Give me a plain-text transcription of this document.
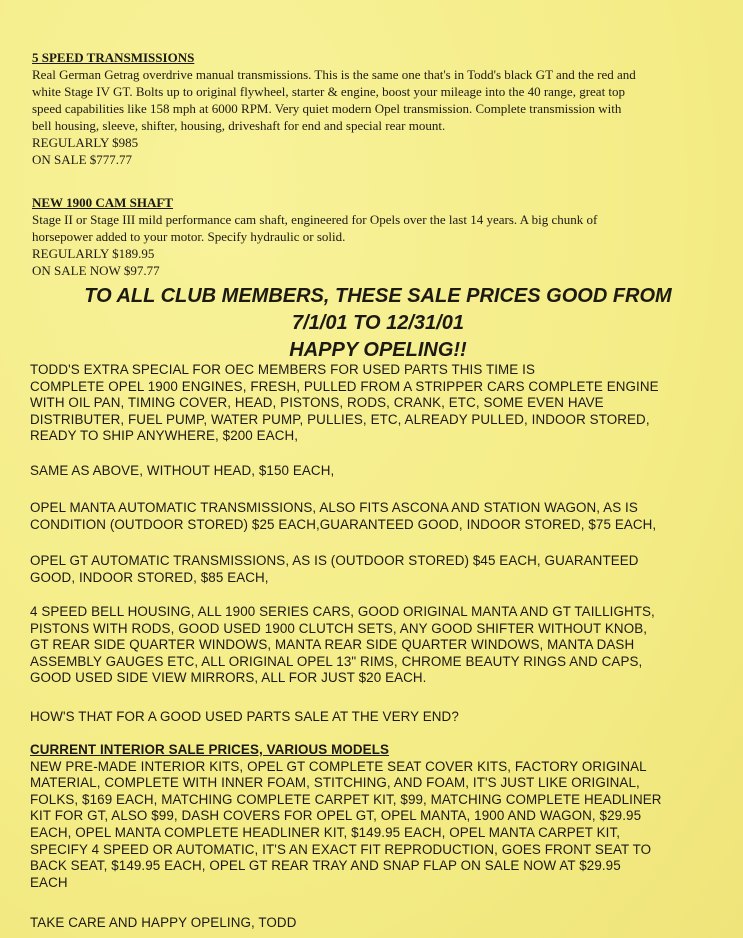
5 SPEED TRANSMISSIONS

Real German Getrag overdrive manual transmissions. This is the same one that's in Todd's black GT and the red and

white Stage IV GT. Bolts up to original flywheel, starter & engine, boost your mileage into the 40 range, great top

speed capabilities like 158 mph at 6000 RPM. Very quiet modern Opel transmission. Complete transmission with

bell housing, sleeve, shifter, housing, driveshaft for end and special rear mount.

REGULARLY $985

ON SALE $777.77

NEW 1900 CAM SHAFT

Stage II or Stage III mild performance cam shaft, engineered for Opels over the last 14 years. A big chunk of

horsepower added to your motor. Specify hydraulic or solid.

REGULARLY $189.95

ON SALE NOW $97.77

TO ALL CLUB MEMBERS, THESE SALE PRICES GOOD FROM
7/1/01 TO 12/31/01
HAPPY OPELING!!

TODD'S EXTRA SPECIAL FOR OEC MEMBERS FOR USED PARTS THIS TIME IS

COMPLETE OPEL 1900 ENGINES, FRESH, PULLED FROM A STRIPPER CARS COMPLETE ENGINE

WITH OIL PAN, TIMING COVER, HEAD, PISTONS, RODS, CRANK, ETC, SOME EVEN HAVE

DISTRIBUTER, FUEL PUMP, WATER PUMP, PULLIES, ETC, ALREADY PULLED, INDOOR STORED,

READY TO SHIP ANYWHERE, $200 EACH,

SAME AS ABOVE, WITHOUT HEAD, $150 EACH,

OPEL MANTA AUTOMATIC TRANSMISSIONS, ALSO FITS ASCONA AND STATION WAGON, AS IS

CONDITION (OUTDOOR STORED) $25 EACH,GUARANTEED GOOD, INDOOR STORED, $75 EACH,

OPEL GT AUTOMATIC TRANSMISSIONS, AS IS (OUTDOOR STORED) $45 EACH, GUARANTEED

GOOD, INDOOR STORED, $85 EACH,

4 SPEED BELL HOUSING, ALL 1900 SERIES CARS, GOOD ORIGINAL MANTA AND GT TAILLIGHTS,

PISTONS WITH RODS, GOOD USED 1900 CLUTCH SETS, ANY GOOD SHIFTER WITHOUT KNOB,

GT REAR SIDE QUARTER WINDOWS, MANTA REAR SIDE QUARTER WINDOWS, MANTA DASH

ASSEMBLY GAUGES ETC, ALL ORIGINAL OPEL 13" RIMS, CHROME BEAUTY RINGS AND CAPS,

GOOD USED SIDE VIEW MIRRORS, ALL FOR JUST $20 EACH.

HOW'S THAT FOR A GOOD USED PARTS SALE AT THE VERY END?

CURRENT INTERIOR SALE PRICES, VARIOUS MODELS

NEW PRE-MADE INTERIOR KITS, OPEL GT COMPLETE SEAT COVER KITS, FACTORY ORIGINAL

MATERIAL, COMPLETE WITH INNER FOAM, STITCHING, AND FOAM, IT'S JUST LIKE ORIGINAL,

FOLKS, $169 EACH, MATCHING COMPLETE CARPET KIT, $99, MATCHING COMPLETE HEADLINER

KIT FOR GT, ALSO $99, DASH COVERS FOR OPEL GT, OPEL MANTA, 1900 AND WAGON, $29.95

EACH, OPEL MANTA COMPLETE HEADLINER KIT, $149.95 EACH, OPEL MANTA CARPET KIT,

SPECIFY 4 SPEED OR AUTOMATIC, IT'S AN EXACT FIT REPRODUCTION, GOES FRONT SEAT TO

BACK SEAT, $149.95 EACH, OPEL GT REAR TRAY AND SNAP FLAP ON SALE NOW AT $29.95

EACH

TAKE CARE AND HAPPY OPELING, TODD
